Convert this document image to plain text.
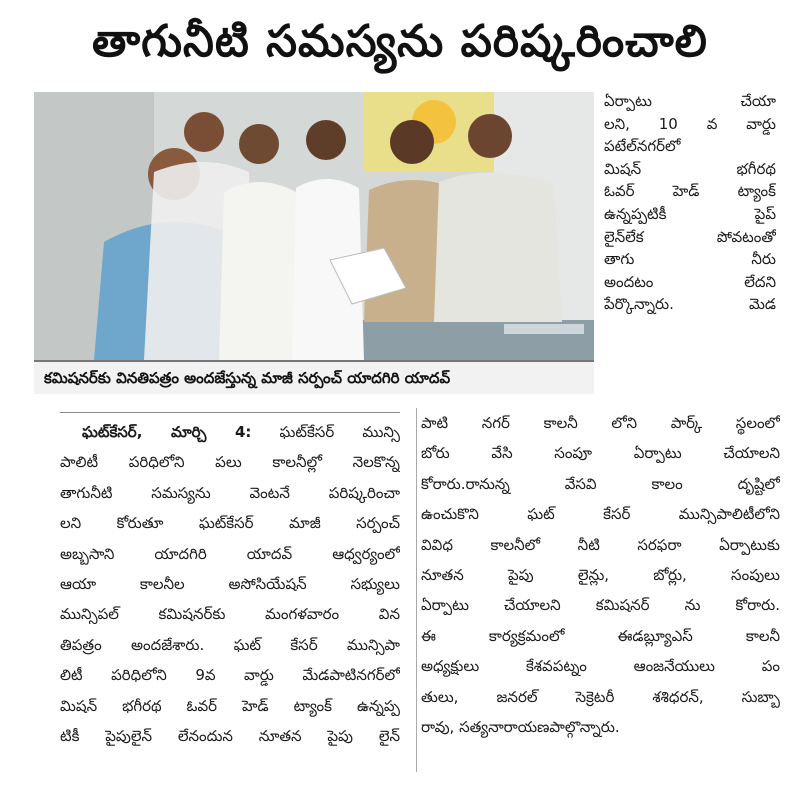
తాగునీటి సమస్యను పరిష్కరించాలి
కమిషనర్‌కు వినతిపత్రం అందజేస్తున్న మాజీ సర్పంచ్ యాదగిరి యాదవ్

ఏర్పాటు చేయా

లని, 10 వ వార్డు

పటేల్‌నగర్‌లో

మిషన్ భగీరథ

ఓవర్ హెడ్ ట్యాంక్

ఉన్నప్పటికీ పైప్

లైన్‌లేక పోవటంతో

తాగు నీరు

అందటం లేదని

పేర్కొన్నారు. మెడ

ఘట్‌కేసర్, మార్చి 4: ఘట్‌కేసర్ మున్సి

పాలిటీ పరిధిలోని పలు కాలనీల్లో నెలకొన్న

తాగునీటి సమస్యను వెంటనే పరిష్కరించా

లని కోరుతూ ఘట్‌కేసర్ మాజీ సర్పంచ్

అబ్బసాని యాదగిరి యాదవ్ ఆధ్వర్యంలో

ఆయా కాలనీల అసోసియేషన్ సభ్యులు

మున్సిపల్ కమిషనర్‌కు మంగళవారం విన

తిపత్రం అందజేశారు. ఘట్ కేసర్ మున్సిపా

లిటీ పరిధిలోని 9వ వార్డు మేడపాటినగర్‌లో

మిషన్ భగీరథ ఓవర్ హెడ్ ట్యాంక్ ఉన్నప్ప

టికీ పైపులైన్ లేనందున నూతన పైపు లైన్

పాటి నగర్ కాలనీ లోని పార్క్ స్థలంలో

బోరు వేసి సంపూ ఏర్పాటు చేయాలని

కోరారు.రానున్న వేసవి కాలం దృష్టిలో

ఉంచుకొని ఘట్ కేసర్ మున్సిపాలిటీలోని

వివిధ కాలనీలో నీటి సరఫరా ఏర్పాటుకు

నూతన పైపు లైన్లు, బోర్లు, సంపులు

ఏర్పాటు చేయాలని కమిషనర్ ను కోరారు.

ఈ కార్యక్రమంలో ఈడబ్ల్యూఎస్ కాలనీ

అధ్యక్షులు కేశవపట్నం ఆంజనేయులు పం

తులు, జనరల్ సెక్రెటరీ శశిధరన్, సుబ్బా

రావు, సత్యనారాయణపాల్గొన్నారు.
